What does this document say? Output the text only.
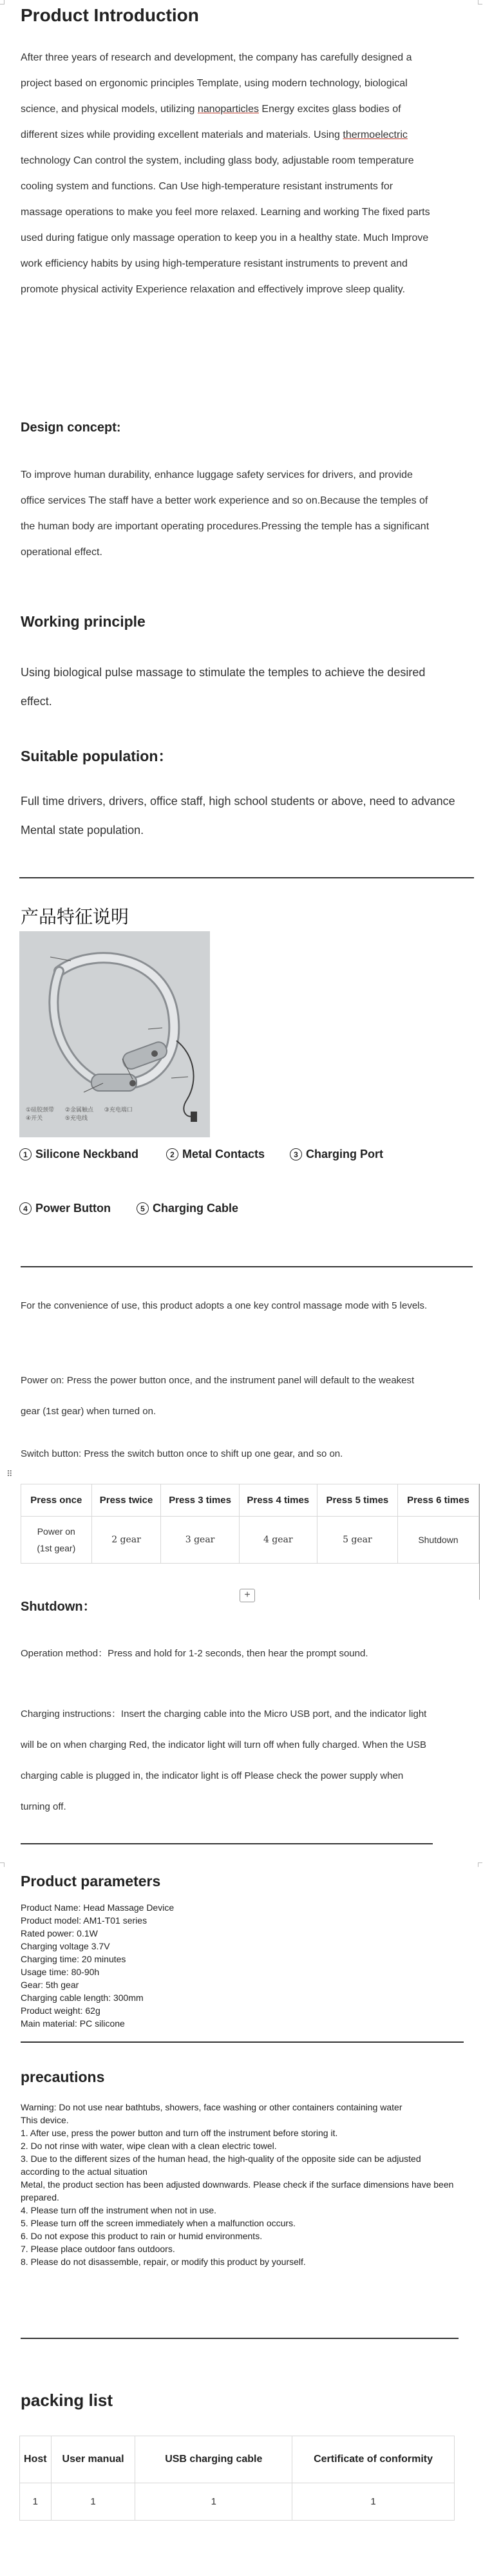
Product Introduction

After three years of research and development, the company has carefully designed a project based on ergonomic principles Template, using modern technology, biological science, and physical models, utilizing nanoparticles Energy excites glass bodies of different sizes while providing excellent materials and materials. Using thermoelectric technology Can control the system, including glass body, adjustable room temperature cooling system and functions. Can Use high-temperature resistant instruments for massage operations to make you feel more relaxed. Learning and working The fixed parts used during fatigue only massage operation to keep you in a healthy state. Much Improve work efficiency habits by using high-temperature resistant instruments to prevent and promote physical activity Experience relaxation and effectively improve sleep quality.

Design concept:

To improve human durability, enhance luggage safety services for drivers, and provide office services The staff have a better work experience and so on.Because the temples of the human body are important operating procedures.Pressing the temple has a significant operational effect.

Working principle

Using biological pulse massage to stimulate the temples to achieve the desired effect.

Suitable population：

Full time drivers, drivers, office staff, high school students or above, need to advance Mental state population.

产品特征说明
①硅胶颈带 ②金属触点 ③充电端口
④开关	⑤充电线
1 Silicone Neckband	2 Metal Contacts	3 Charging Port
4 Power Button	5 Charging Cable

For the convenience of use, this product adopts a one key control massage mode with 5 levels.

Power on: Press the power button once, and the instrument panel will default to the weakest gear (1st gear) when turned on.

Switch button: Press the switch button once to shift up one gear, and so on.

⠿
Press once	Press twice	Press 3 times	Press 4 times	Press 5 times	Press 6 times
Power on (1st gear)	2 gear	3 gear	4 gear	5 gear	Shutdown
+
Shutdown：

Operation method：Press and hold for 1-2 seconds, then hear the prompt sound.

Charging instructions：Insert the charging cable into the Micro USB port, and the indicator light will be on when charging Red, the indicator light will turn off when fully charged. When the USB charging cable is plugged in, the indicator light is off Please check the power supply when turning off.

Product parameters
Product Name: Head Massage Device
Product model: AM1-T01 series
Rated power: 0.1W
Charging voltage 3.7V
Charging time: 20 minutes
Usage time: 80-90h
Gear: 5th gear
Charging cable length: 300mm
Product weight: 62g
Main material: PC silicone
precautions
Warning: Do not use near bathtubs, showers, face washing or other containers containing water
This device.
1. After use, press the power button and turn off the instrument before storing it.
2. Do not rinse with water, wipe clean with a clean electric towel.
3. Due to the different sizes of the human head, the high-quality of the opposite side can be adjusted according to the actual situation
Metal, the product section has been adjusted downwards. Please check if the surface dimensions have been prepared.
4. Please turn off the instrument when not in use.
5. Please turn off the screen immediately when a malfunction occurs.
6. Do not expose this product to rain or humid environments.
7. Please place outdoor fans outdoors.
8. Please do not disassemble, repair, or modify this product by yourself.
packing list
Host	User manual	USB charging cable	Certificate of conformity
1	1	1	1
